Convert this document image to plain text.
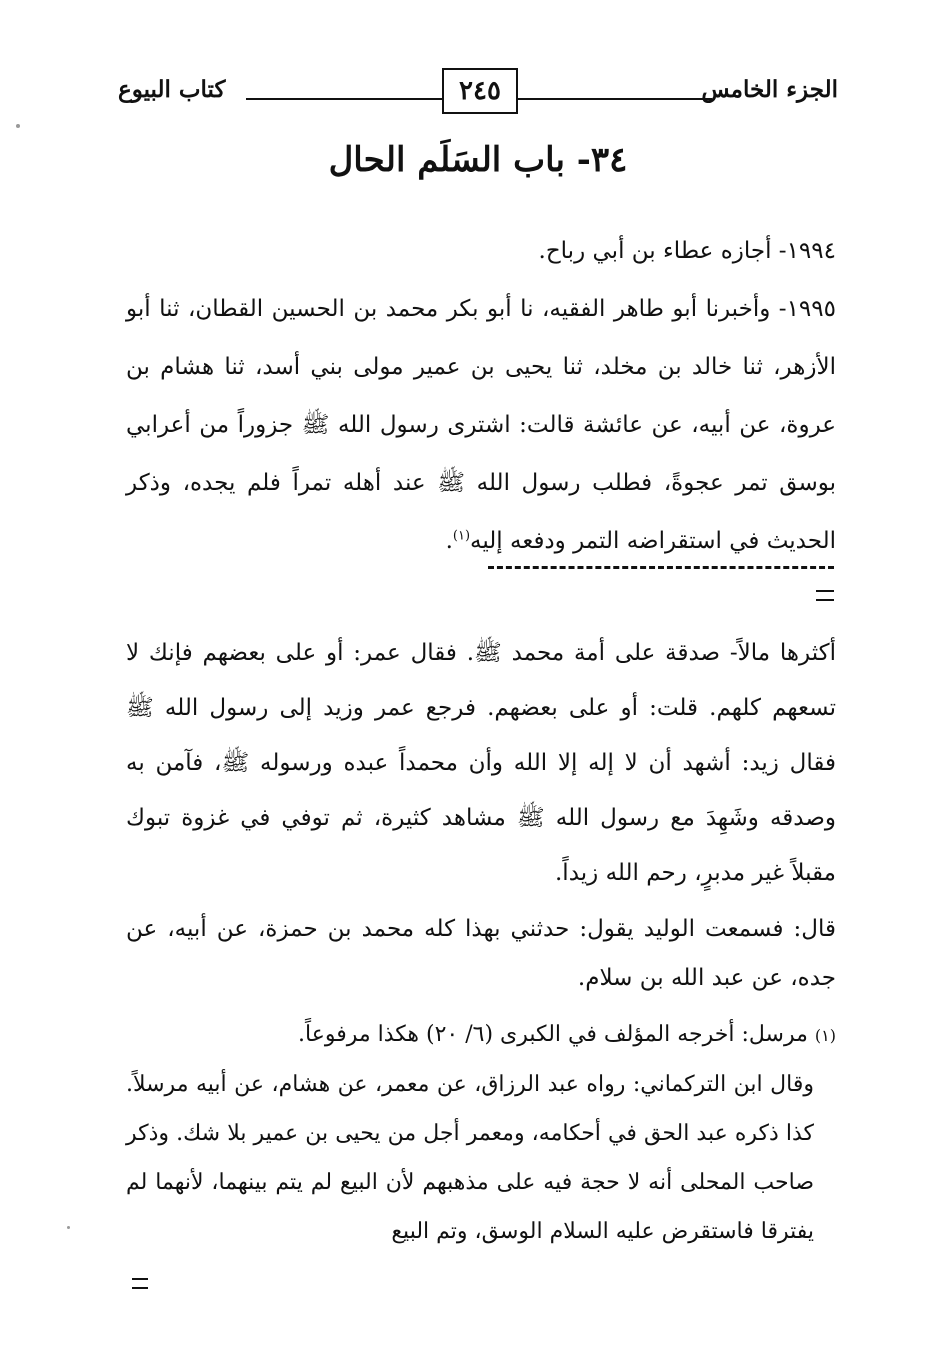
الجزء الخامس
٢٤٥
كتاب البيوع
٣٤- باب السَلَم الحال

١٩٩٤- أجازه عطاء بن أبي رباح.

١٩٩٥- وأخبرنا أبو طاهر الفقيه، نا أبو بكر محمد بن الحسين القطان، ثنا أبو الأزهر، ثنا خالد بن مخلد، ثنا يحيى بن عمير مولى بني أسد، ثنا هشام بن عروة، عن أبيه، عن عائشة قالت: اشترى رسول الله ﷺ جزوراً من أعرابي بوسق تمر عجوةً، فطلب رسول الله ﷺ عند أهله تمراً فلم يجده، وذكر الحديث في استقراضه التمر ودفعه إليه$^{(١)}$.

أكثرها مالاً- صدقة على أمة محمد ﷺ. فقال عمر: أو على بعضهم فإنك لا تسعهم كلهم. قلت: أو على بعضهم. فرجع عمر وزيد إلى رسول الله ﷺ فقال زيد: أشهد أن لا إله إلا الله وأن محمداً عبده ورسوله ﷺ، فآمن به وصدقه وشَهِدَ مع رسول الله ﷺ مشاهد كثيرة، ثم توفي في غزوة تبوك مقبلاً غير مدبرٍ، رحم الله زيداً.

قال: فسمعت الوليد يقول: حدثني بهذا كله محمد بن حمزة، عن أبيه، عن جده، عن عبد الله بن سلام.

(١) مرسل: أخرجه المؤلف في الكبرى (٦/ ٢٠) هكذا مرفوعاً.

وقال ابن التركماني: رواه عبد الرزاق، عن معمر، عن هشام، عن أبيه مرسلاً. كذا ذكره عبد الحق في أحكامه، ومعمر أجل من يحيى بن عمير بلا شك. وذكر صاحب المحلى أنه لا حجة فيه على مذهبهم لأن البيع لم يتم بينهما، لأنهما لم يفترقا فاستقرض عليه السلام الوسق، وتم البيع
